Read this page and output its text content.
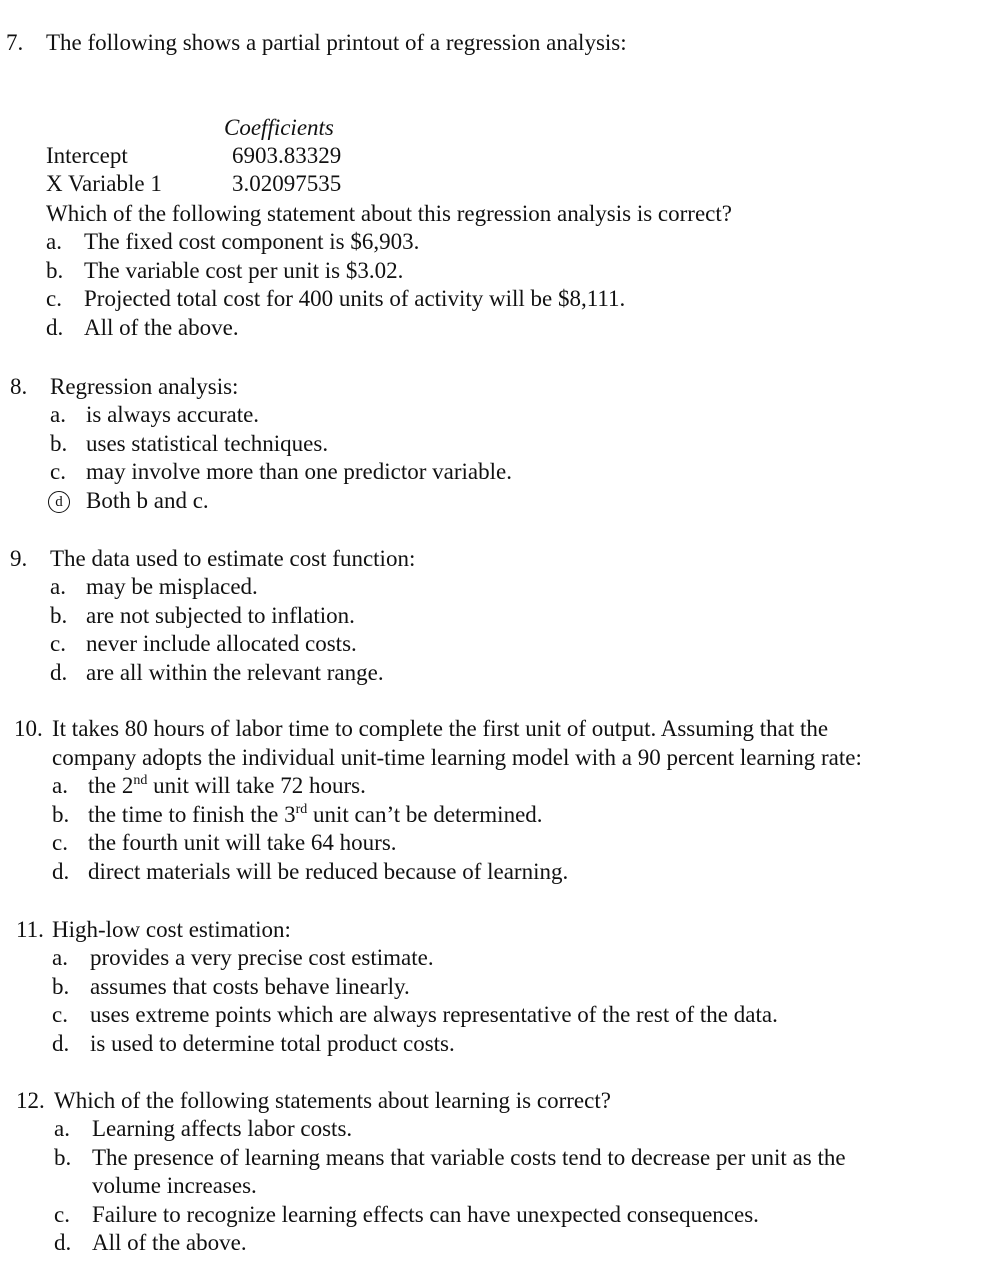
7. The following shows a partial printout of a regression analysis:
Coefficients
Intercept	6903.83329
X Variable 1	3.02097535
Which of the following statement about this regression analysis is correct?
a. The fixed cost component is $6,903.
b. The variable cost per unit is $3.02.
c. Projected total cost for 400 units of activity will be $8,111.
d. All of the above.
8. Regression analysis:
a. is always accurate.
b. uses statistical techniques.
c. may involve more than one predictor variable.
d	Both b and c.
9. The data used to estimate cost function:
a. may be misplaced.
b. are not subjected to inflation.
c. never include allocated costs.
d. are all within the relevant range.
10. It takes 80 hours of labor time to complete the first unit of output. Assuming that the
company adopts the individual unit-time learning model with a 90 percent learning rate:
a. the 2nd unit will take 72 hours.
b. the time to finish the 3rd unit can’t be determined.
c. the fourth unit will take 64 hours.
d. direct materials will be reduced because of learning.
11. High-low cost estimation:
a. provides a very precise cost estimate.
b. assumes that costs behave linearly.
c. uses extreme points which are always representative of the rest of the data.
d. is used to determine total product costs.
12. Which of the following statements about learning is correct?
a. Learning affects labor costs.
b. The presence of learning means that variable costs tend to decrease per unit as the
volume increases.
c. Failure to recognize learning effects can have unexpected consequences.
d. All of the above.
